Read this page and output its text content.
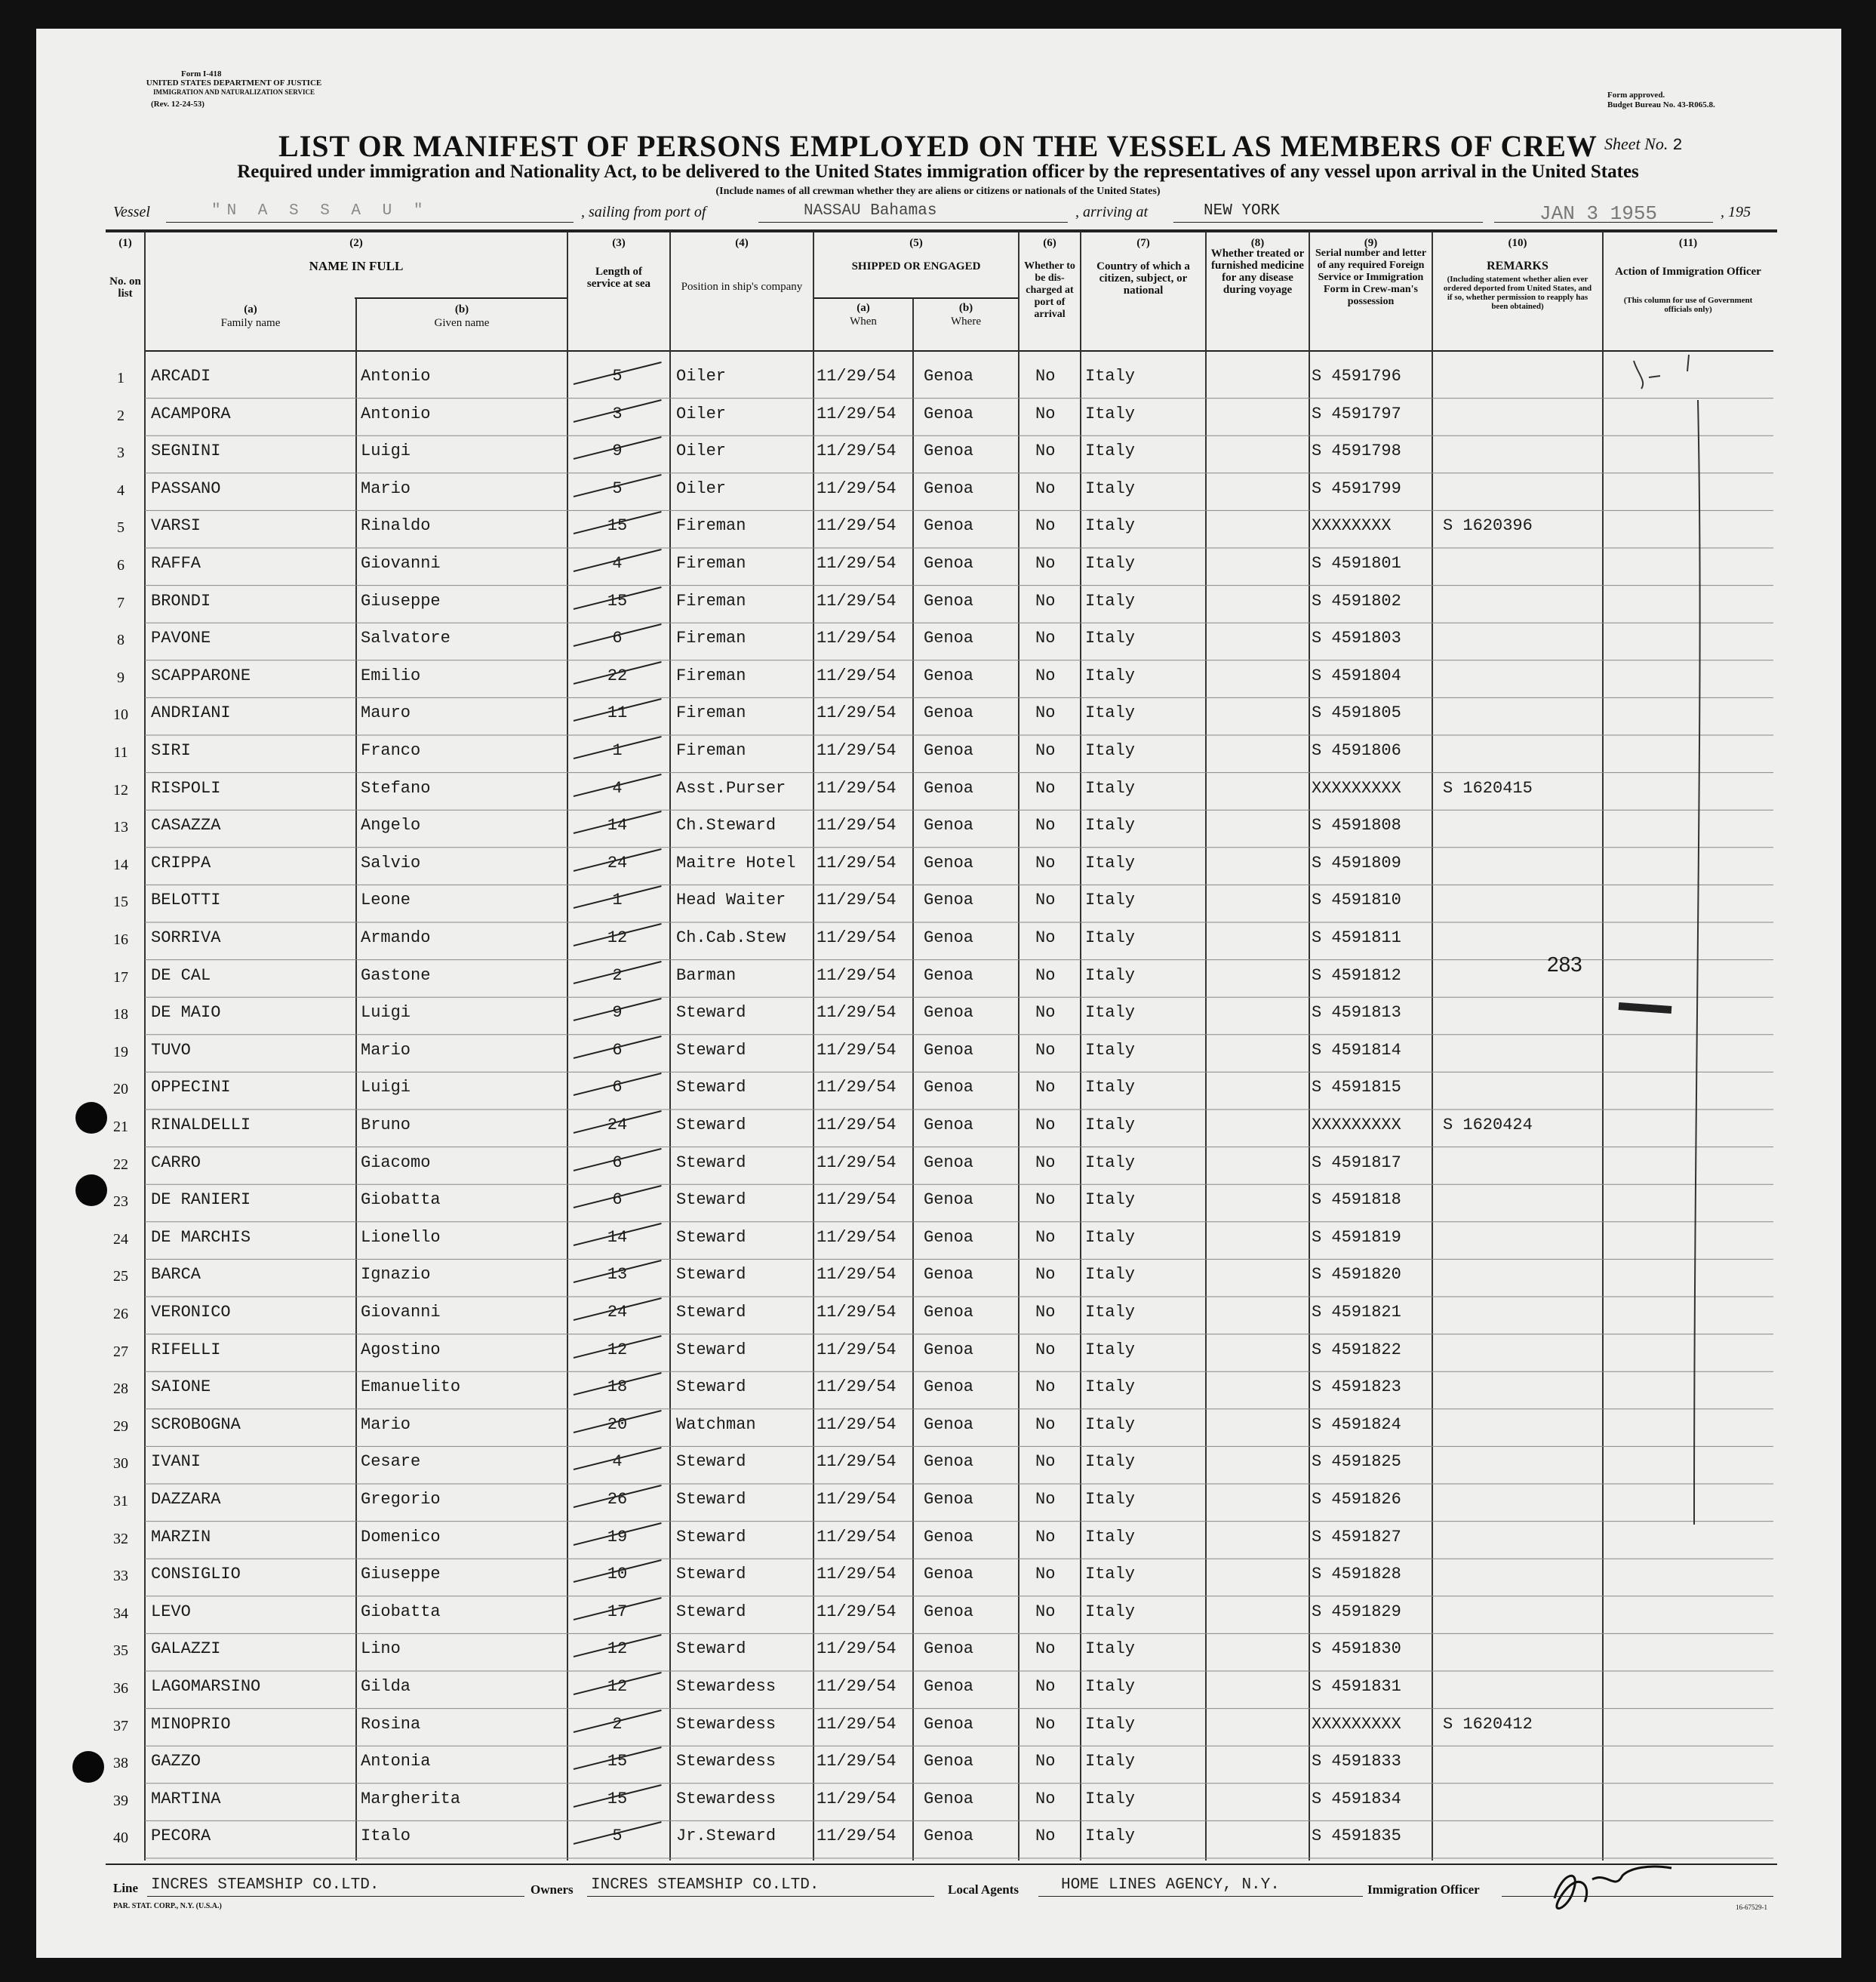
Form I-418
UNITED STATES DEPARTMENT OF JUSTICE
IMMIGRATION AND NATURALIZATION SERVICE
(Rev. 12-24-53)
Form approved.
Budget Bureau No. 43-R065.8.
LIST OR MANIFEST OF PERSONS EMPLOYED ON THE VESSEL AS MEMBERS OF CREW Sheet No. 2
Required under immigration and Nationality Act, to be delivered to the United States immigration officer by the representatives of any vessel upon arrival in the United States
(Include names of all crewman whether they are aliens or citizens or nationals of the United States)
Vessel	"N A S S A U "	, sailing from port of	NASSAU Bahamas	, arriving at	NEW YORK	JAN 3 1955	, 195
(1)	(2)	(3)	(4)	(5)	(6)	(7)	(8)	(9)	(10)	(11)
No. on list
NAME IN FULL
(a)
Family name
(b)
Given name
Length of service at sea	Position in ship's company
SHIPPED OR ENGAGED
(a)
When
(b)
Where
Whether to be dis-charged at port of arrival
Country of which a citizen, subject, or national
Whether treated or furnished medicine for any disease during voyage
Serial number and letter of any required Foreign Service or Immigration Form in Crew-man's possession
REMARKS
(Including statement whether alien ever ordered deported from United States, and if so, whether permission to reapply has been obtained)
Action of Immigration Officer
(This column for use of Government officials only)
1	ARCADI	Antonio	5	Oiler	11/29/54 Genoa	No Italy	S 4591796
2	ACAMPORA	Antonio	3	Oiler	11/29/54 Genoa	No Italy	S 4591797
3	SEGNINI	Luigi	9	Oiler	11/29/54 Genoa	No Italy	S 4591798
4	PASSANO	Mario	5	Oiler	11/29/54 Genoa	No Italy	S 4591799
5	VARSI	Rinaldo	15	Fireman	11/29/54 Genoa	No Italy	XXXXXXXX	S 1620396
6	RAFFA	Giovanni	4	Fireman	11/29/54 Genoa	No Italy	S 4591801
7	BRONDI	Giuseppe	15	Fireman	11/29/54 Genoa	No Italy	S 4591802
8	PAVONE	Salvatore	6	Fireman	11/29/54 Genoa	No Italy	S 4591803
9	SCAPPARONE	Emilio	22	Fireman	11/29/54 Genoa	No Italy	S 4591804
10	ANDRIANI	Mauro	11	Fireman	11/29/54 Genoa	No Italy	S 4591805
11	SIRI	Franco	1	Fireman	11/29/54 Genoa	No Italy	S 4591806
12	RISPOLI	Stefano	4	Asst.Purser 11/29/54 Genoa	No Italy	XXXXXXXXX	S 1620415
13	CASAZZA	Angelo	14	Ch.Steward 11/29/54 Genoa	No Italy	S 4591808
14	CRIPPA	Salvio	24	Maitre Hotel 11/29/54 Genoa	No Italy	S 4591809
15	BELOTTI	Leone	1	Head Waiter 11/29/54 Genoa	No Italy	S 4591810
16	SORRIVA	Armando	12	Ch.Cab.Stew 11/29/54 Genoa	No Italy	S 4591811
17	DE CAL	Gastone	2	Barman	11/29/54 Genoa	No Italy	S 4591812	283
18	DE MAIO	Luigi	9	Steward	11/29/54 Genoa	No Italy	S 4591813
19	TUVO	Mario	6	Steward	11/29/54 Genoa	No Italy	S 4591814
20	OPPECINI	Luigi	6	Steward	11/29/54 Genoa	No Italy	S 4591815
21	RINALDELLI	Bruno	24	Steward	11/29/54 Genoa	No Italy	XXXXXXXXX	S 1620424
22	CARRO	Giacomo	6	Steward	11/29/54 Genoa	No Italy	S 4591817
23	DE RANIERI	Giobatta	6	Steward	11/29/54 Genoa	No Italy	S 4591818
24	DE MARCHIS	Lionello	14	Steward	11/29/54 Genoa	No Italy	S 4591819
25	BARCA	Ignazio	13	Steward	11/29/54 Genoa	No Italy	S 4591820
26	VERONICO	Giovanni	24	Steward	11/29/54 Genoa	No Italy	S 4591821
27	RIFELLI	Agostino	12	Steward	11/29/54 Genoa	No Italy	S 4591822
28	SAIONE	Emanuelito	18	Steward	11/29/54 Genoa	No Italy	S 4591823
29	SCROBOGNA	Mario	20	Watchman	11/29/54 Genoa	No Italy	S 4591824
30	IVANI	Cesare	4	Steward	11/29/54 Genoa	No Italy	S 4591825
31	DAZZARA	Gregorio	26	Steward	11/29/54 Genoa	No Italy	S 4591826
32	MARZIN	Domenico	19	Steward	11/29/54 Genoa	No Italy	S 4591827
33	CONSIGLIO	Giuseppe	10	Steward	11/29/54 Genoa	No Italy	S 4591828
34	LEVO	Giobatta	17	Steward	11/29/54 Genoa	No Italy	S 4591829
35	GALAZZI	Lino	12	Steward	11/29/54 Genoa	No Italy	S 4591830
36	LAGOMARSINO	Gilda	12	Stewardess 11/29/54 Genoa	No Italy	S 4591831
37	MINOPRIO	Rosina	2	Stewardess 11/29/54 Genoa	No Italy	XXXXXXXXX	S 1620412
38	GAZZO	Antonia	15	Stewardess 11/29/54 Genoa	No Italy	S 4591833
39	MARTINA	Margherita	15	Stewardess 11/29/54 Genoa	No Italy	S 4591834
40	PECORA	Italo	5	Jr.Steward 11/29/54 Genoa	No Italy	S 4591835
Line INCRES STEAMSHIP CO.LTD.	Owners INCRES STEAMSHIP CO.LTD.	Local Agents	HOME LINES AGENCY, N.Y.	Immigration Officer
PAR. STAT. CORP., N.Y. (U.S.A.)	16-67529-1
